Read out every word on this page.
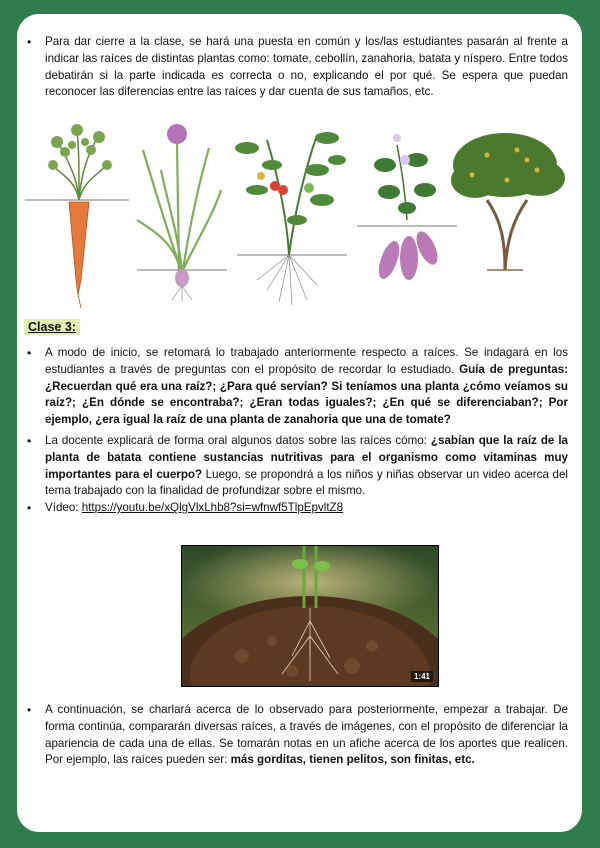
• Para dar cierre a la clase, se hará una puesta en común y los/las estudiantes pasarán al frente a indicar las raíces de distintas plantas como: tomate, cebollín, zanahoria, batata y níspero. Entre todos debatirán si la parte indicada es correcta o no, explicando el por qué. Se espera que puedan reconocer las diferencias entre las raíces y dar cuenta de sus tamaños, etc.
Clase 3:
• A modo de inicio, se retomará lo trabajado anteriormente respecto a raíces. Se indagará en los estudiantes a través de preguntas con el propósito de recordar lo estudiado. Guía de preguntas: ¿Recuerdan qué era una raíz?; ¿Para qué servían? Si teníamos una planta ¿cómo veíamos su raíz?; ¿En dónde se encontraba?; ¿Eran todas iguales?; ¿En qué se diferenciaban?; Por ejemplo, ¿era igual la raíz de una planta de zanahoria que una de tomate?
• La docente explicará de forma oral algunos datos sobre las raíces cómo: ¿sabían que la raíz de la planta de batata contiene sustancias nutritivas para el organismo como vitaminas muy importantes para el cuerpo? Luego, se propondrá a los niños y niñas observar un video acerca del tema trabajado con la finalidad de profundizar sobre el mismo.
• Vídeo: https://youtu.be/xQlgVlxLhb8?si=wfnwf5TlpEpvltZ8
1:41
• A continuación, se charlará acerca de lo observado para posteriormente, empezar a trabajar. De forma continúa, compararán diversas raíces, a través de imágenes, con el propósito de diferenciar la apariencia de cada una de ellas. Se tomarán notas en un afiche acerca de los aportes que realicen. Por ejemplo, las raíces pueden ser: más gorditas, tienen pelitos, son finitas, etc.
